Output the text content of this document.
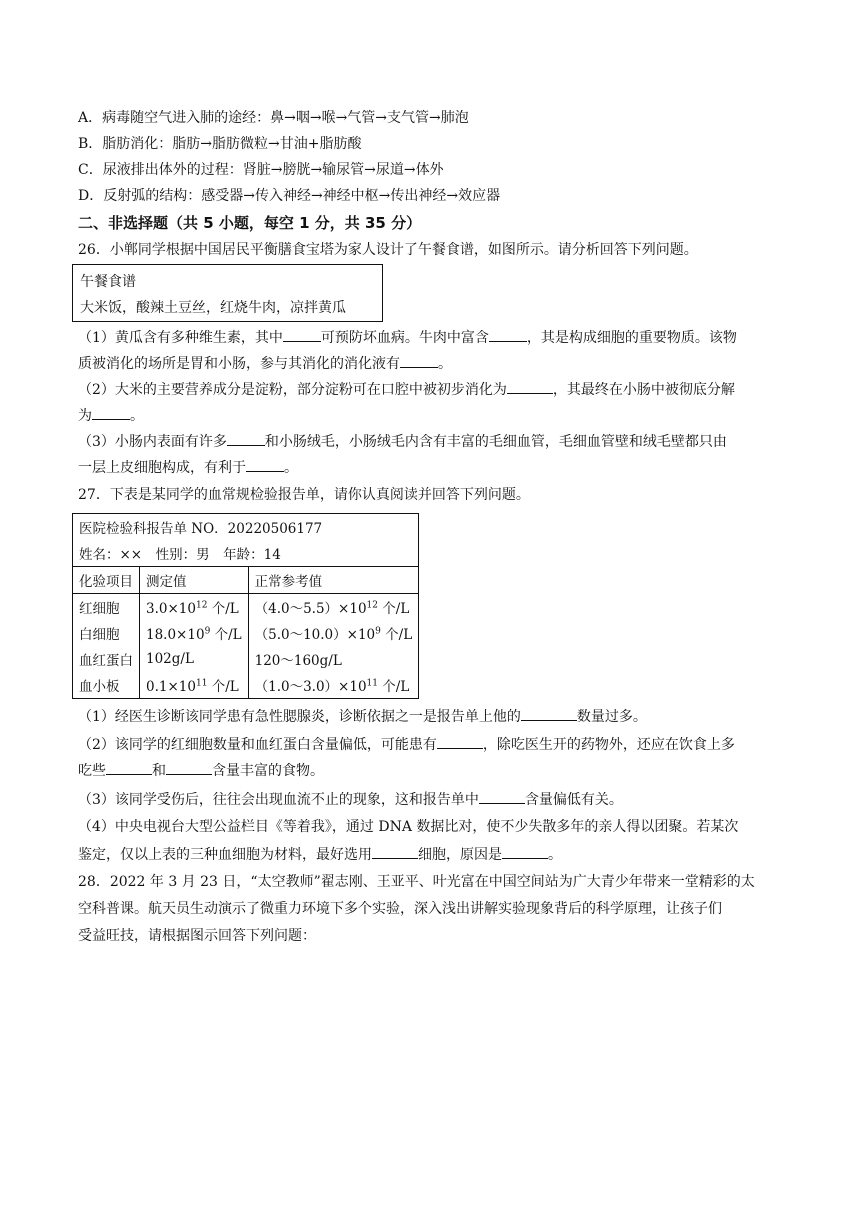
A．病毒随空气进入肺的途经：鼻→咽→喉→气管→支气管→肺泡
B．脂肪消化：脂肪→脂肪微粒→甘油+脂肪酸
C．尿液排出体外的过程：肾脏→膀胱→输尿管→尿道→体外
D．反射弧的结构：感受器→传入神经→神经中枢→传出神经→效应器
二、非选择题（共 5 小题，每空 1 分，共 35 分）
26．小郸同学根据中国居民平衡膳食宝塔为家人设计了午餐食谱，如图所示。请分析回答下列问题。
午餐食谱
大米饭，酸辣土豆丝，红烧牛肉，凉拌黄瓜
（1）黄瓜含有多种维生素，其中	可预防坏血病。牛肉中富含	，其是构成细胞的重要物质。该物
质被消化的场所是胃和小肠，参与其消化的消化液有	。
（2）大米的主要营养成分是淀粉，部分淀粉可在口腔中被初步消化为	，其最终在小肠中被彻底分解
为	。
（3）小肠内表面有许多	和小肠绒毛，小肠绒毛内含有丰富的毛细血管，毛细血管壁和绒毛壁都只由
一层上皮细胞构成，有利于	。
27．下表是某同学的血常规检验报告单，请你认真阅读并回答下列问题。
医院检验科报告单 NO．20220506177		
姓名：××　性别：男　年龄：14		
化验项目	测定值	正常参考值
红细胞	$3.0\times 10^{12}$ 个/L	$(4.0\sim 5.5)\times 10^{12}$ 个/L
白细胞	$18.0\times 10^9$ 个/L	$(5.0\sim 10.0)\times 10^9$ 个/L
血红蛋白	102g/L	120～160g/L
血小板	$0.1\times 10^{11}$ 个/L	$(1.0\sim 3.0)\times 10^{11}$ 个/L
（1）经医生诊断该同学患有急性腮腺炎，诊断依据之一是报告单上他的	数量过多。
（2）该同学的红细胞数量和血红蛋白含量偏低，可能患有	，除吃医生开的药物外，还应在饮食上多
吃些	和	含量丰富的食物。
（3）该同学受伤后，往往会出现血流不止的现象，这和报告单中	含量偏低有关。
（4）中央电视台大型公益栏目《等着我》，通过 DNA 数据比对，使不少失散多年的亲人得以团聚。若某次
鉴定，仅以上表的三种血细胞为材料，最好选用	细胞，原因是	。
28．2022 年 3 月 23 日，“太空教师”翟志刚、王亚平、叶光富在中国空间站为广大青少年带来一堂精彩的太
空科普课。航天员生动演示了微重力环境下多个实验，深入浅出讲解实验现象背后的科学原理，让孩子们
受益旺技，请根据图示回答下列问题：
